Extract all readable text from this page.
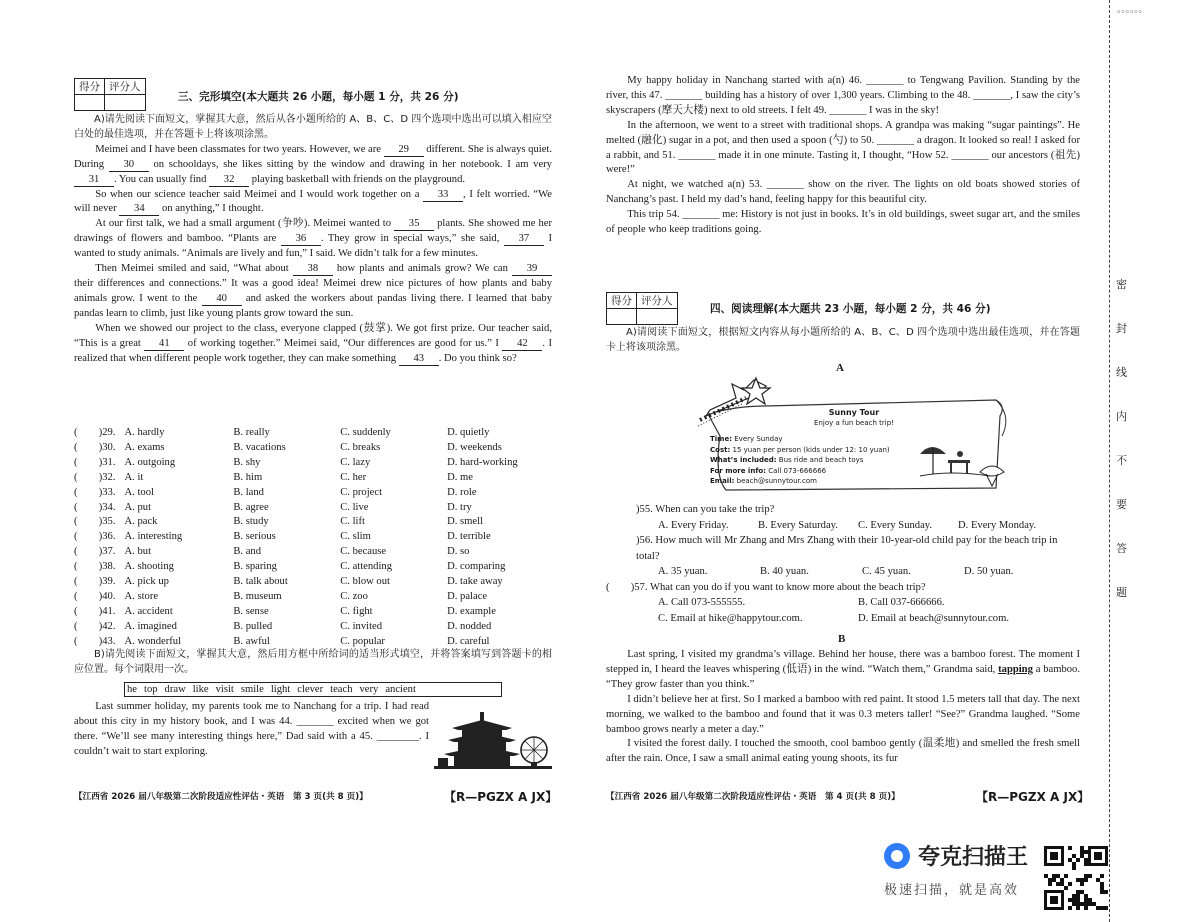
得分	评分人

三、完形填空(本大题共 26 小题，每小题 1 分，共 26 分)

A)请先阅读下面短文，掌握其大意，然后从各小题所给的 A、B、C、D 四个选项中选出可以填入相应空白处的最佳选项，并在答题卡上将该项涂黑。

Meimei and I have been classmates for two years. However, we are 29 different. She is always quiet. During 30 on schooldays, she likes sitting by the window and drawing in her notebook. I am very 31 . You can usually find 32 playing basketball with friends on the playground.

So when our science teacher said Meimei and I would work together on a 33 , I felt worried. “We will never 34 on anything,” I thought.

At our first talk, we had a small argument (争吵). Meimei wanted to 35 plants. She showed me her drawings of flowers and bamboo. “Plants are 36 . They grow in special ways,” she said, 37 I wanted to study animals. “Animals are lively and fun,” I said. We didn’t talk for a few minutes.

Then Meimei smiled and said, “What about 38 how plants and animals grow? We can 39 their differences and connections.” It was a good idea! Meimei drew nice pictures of how plants and baby animals grow. I went to the 40 and asked the workers about pandas living there. I learned that baby pandas learn to climb, just like young plants grow toward the sun.

When we showed our project to the class, everyone clapped (鼓掌). We got first prize. Our teacher said, “This is a great 41 of working together.” Meimei said, “Our differences are good for us.” I 42 . I realized that when different people work together, they can make something 43 . Do you think so?

(　　)29. A. hardly	B. really	C. suddenly	D. quietly
(　　)30. A. exams	B. vacations	C. breaks	D. weekends
(　　)31. A. outgoing	B. shy	C. lazy	D. hard-working
(　　)32. A. it	B. him	C. her	D. me
(　　)33. A. tool	B. land	C. project	D. role
(　　)34. A. put	B. agree	C. live	D. try
(　　)35. A. pack	B. study	C. lift	D. smell
(　　)36. A. interesting	B. serious	C. slim	D. terrible
(　　)37. A. but	B. and	C. because	D. so
(　　)38. A. shooting	B. sparing	C. attending	D. comparing
(　　)39. A. pick up	B. talk about	C. blow out	D. take away
(　　)40. A. store	B. museum	C. zoo	D. palace
(　　)41. A. accident	B. sense	C. fight	D. example
(　　)42. A. imagined	B. pulled	C. invited	D. nodded
(　　)43. A. wonderful	B. awful	C. popular	D. careful

B)请先阅读下面短文，掌握其大意，然后用方框中所给词的适当形式填空，并将答案填写到答题卡的相应位置。每个词限用一次。

he top draw like visit smile light clever teach very ancient

Last summer holiday, my parents took me to Nanchang for a trip. I had read about this city in my history book, and I was 44. _______ excited when we got there. “We’ll see many interesting things here,” Dad said with a 45. ________. I couldn’t wait to start exploring.

【江西省 2026 届八年级第二次阶段适应性评估・英语　第 3 页(共 8 页)】	【R—PGZX A JX】

My happy holiday in Nanchang started with a(n) 46. _______ to Tengwang Pavilion. Standing by the river, this 47. _______ building has a history of over 1,300 years. Climbing to the 48. _______, I saw the city’s skyscrapers (摩天大楼) next to old streets. I felt 49. _______ I was in the sky!

In the afternoon, we went to a street with traditional shops. A grandpa was making “sugar paintings”. He melted (融化) sugar in a pot, and then used a spoon (勺) to 50. _______ a dragon. It looked so real! I asked for a rabbit, and 51. _______ made it in one minute. Tasting it, I thought, “How 52. _______ our ancestors (祖先) were!”

At night, we watched a(n) 53. _______ show on the river. The lights on old boats showed stories of Nanchang’s past. I held my dad’s hand, feeling happy for this beautiful city.

This trip 54. _______ me: History is not just in books. It’s in old buildings, sweet sugar art, and the smiles of people who keep traditions going.

得分	评分人

四、阅读理解(本大题共 23 小题，每小题 2 分，共 46 分)

A)请阅读下面短文，根据短文内容从每小题所给的 A、B、C、D 四个选项中选出最佳选项，并在答题卡上将该项涂黑。

A
Sunny Tour
Enjoy a fun beach trip!
Time: Every Sunday
Cost: 15 yuan per person (kids under 12: 10 yuan)
What’s included: Bus ride and beach toys
For more info: Call 073-666666
Email: beach@sunnytour.com
)55. When can you take the trip?
A. Every Friday.	B. Every Saturday.	C. Every Sunday.	D. Every Monday.
)56. How much will Mr Zhang and Mrs Zhang with their 10-year-old child pay for the beach trip in total?
A. 35 yuan.	B. 40 yuan.	C. 45 yuan.	D. 50 yuan.
(　　)57. What can you do if you want to know more about the beach trip?
A. Call 073-555555.	B. Call 037-666666.
C. Email at hike@happytour.com.	D. Email at beach@sunnytour.com.
B

Last spring, I visited my grandma’s village. Behind her house, there was a bamboo forest. The moment I stepped in, I heard the leaves whispering (低语) in the wind. “Watch them,” Grandma said, tapping a bamboo. “They grow faster than you think.”

I didn’t believe her at first. So I marked a bamboo with red paint. It stood 1.5 meters tall that day. The next morning, we walked to the bamboo and found that it was 0.3 meters taller! “See?” Grandma laughed. “Some bamboo grows nearly a meter a day.”

I visited the forest daily. I touched the smooth, cool bamboo gently (温柔地) and smelled the fresh smell after the rain. Once, I saw a small animal eating young shoots, its fur

【江西省 2026 届八年级第二次阶段适应性评估・英语　第 4 页(共 8 页)】	【R—PGZX A JX】
◦◦◦◦◦◦
密
封
线
内
不
要
答
题
夸克扫描王
极速扫描，就是高效
